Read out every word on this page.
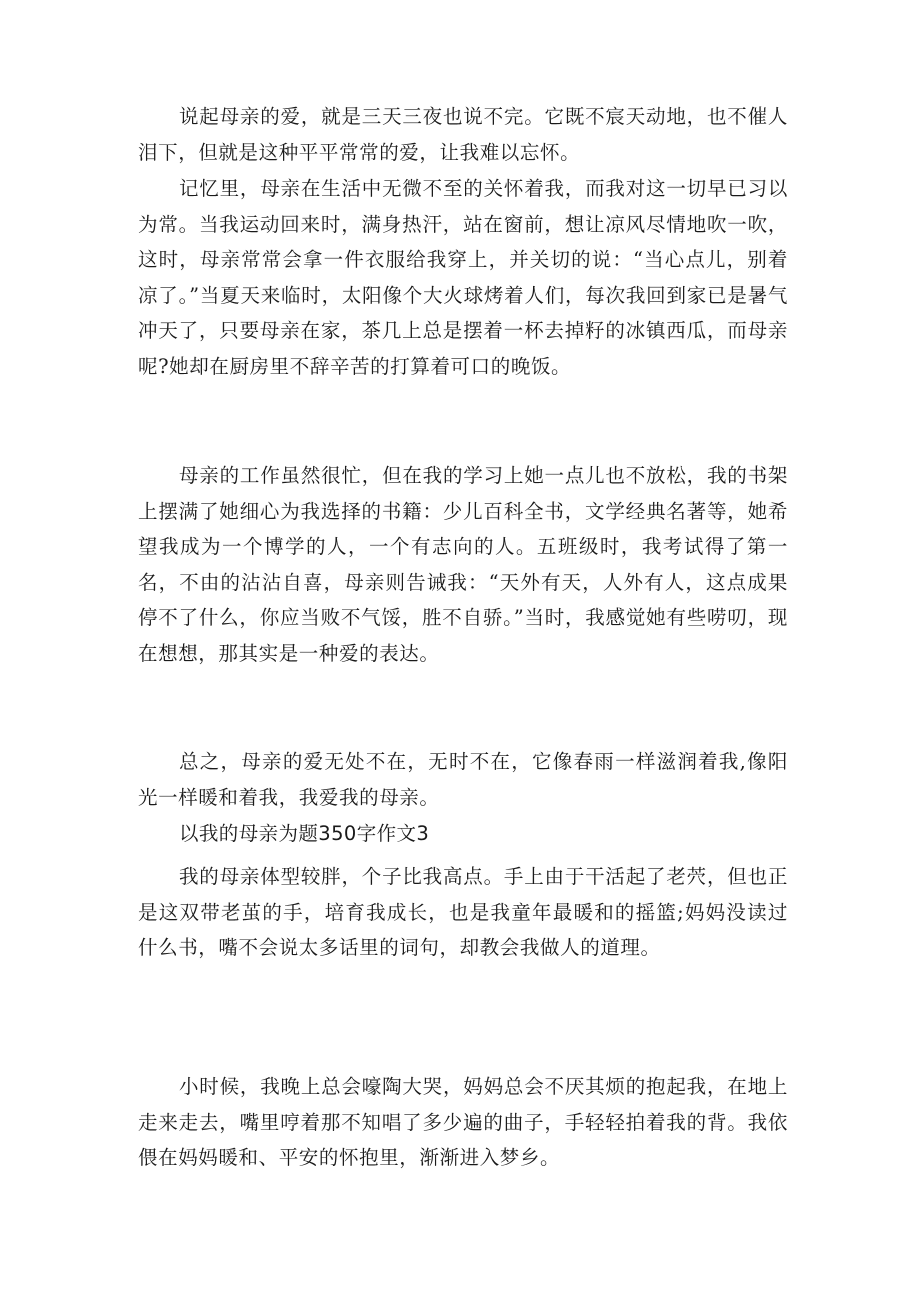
说起母亲的爱，就是三天三夜也说不完。它既不宸天动地，也不催人泪下，但就是这种平平常常的爱，让我难以忘怀。

记忆里，母亲在生活中无微不至的关怀着我，而我对这一切早已习以为常。当我运动回来时，满身热汗，站在窗前，想让凉风尽情地吹一吹，这时，母亲常常会拿一件衣服给我穿上，并关切的说：“当心点儿，别着凉了。”当夏天来临时，太阳像个大火球烤着人们，每次我回到家已是暑气冲天了，只要母亲在家，茶几上总是摆着一杯去掉籽的冰镇西瓜，而母亲呢?她却在厨房里不辞辛苦的打算着可口的晚饭。

母亲的工作虽然很忙，但在我的学习上她一点儿也不放松，我的书架上摆满了她细心为我选择的书籍：少儿百科全书，文学经典名著等，她希望我成为一个博学的人，一个有志向的人。五班级时，我考试得了第一名，不由的沾沾自喜，母亲则告诫我：“天外有天，人外有人，这点成果停不了什么，你应当败不气馁，胜不自骄。”当时，我感觉她有些唠叨，现在想想，那其实是一种爱的表达。

总之，母亲的爱无处不在，无时不在，它像春雨一样滋润着我,像阳光一样暖和着我，我爱我的母亲。

以我的母亲为题350字作文3

我的母亲体型较胖，个子比我高点。手上由于干活起了老茓，但也正是这双带老茧的手，培育我成长，也是我童年最暖和的摇篮;妈妈没读过什么书，嘴不会说太多话里的词句，却教会我做人的道理。

小时候，我晚上总会嚎陶大哭，妈妈总会不厌其烦的抱起我，在地上走来走去，嘴里哼着那不知唱了多少遍的曲子，手轻轻拍着我的背。我依偎在妈妈暖和、平安的怀抱里，渐渐进入梦乡。
